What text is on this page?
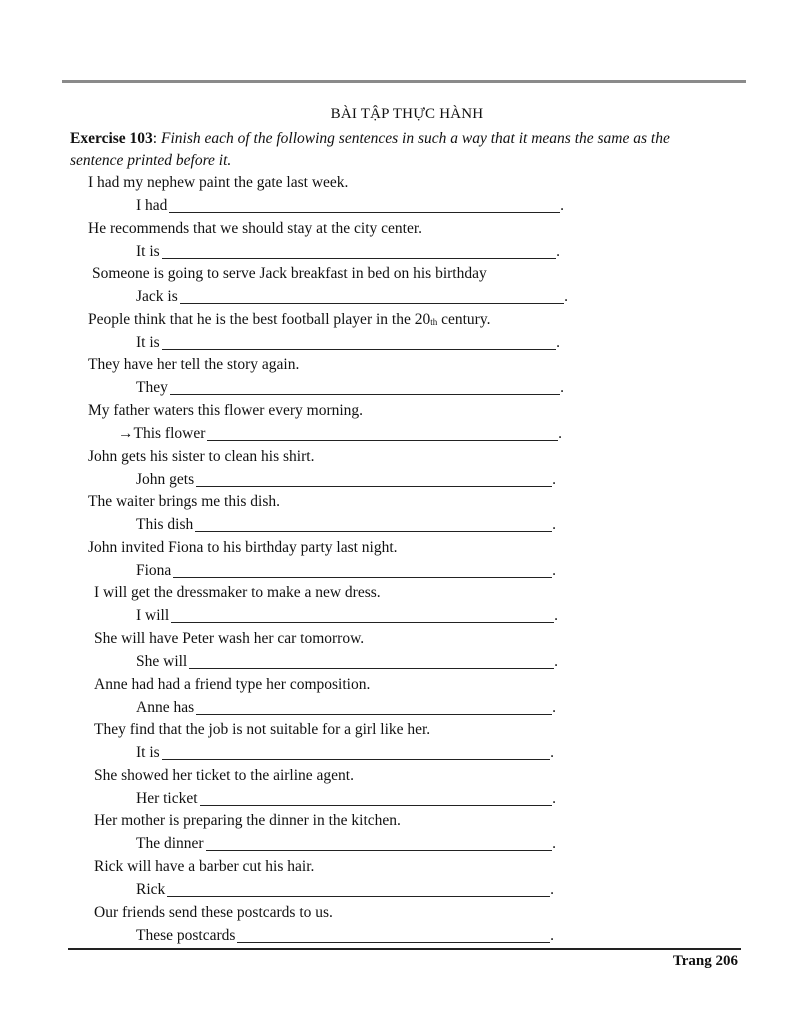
BÀI TẬP THỰC HÀNH
Exercise 103: Finish each of the following sentences in such a way that it means the same as the sentence printed before it.
I had my nephew paint the gate last week.
I had	.
He recommends that we should stay at the city center.
It is	.
Someone is going to serve Jack breakfast in bed on his birthday
Jack is	.
People think that he is the best football player in the 20th century.
It is	.
They have her tell the story again.
They	.
My father waters this flower every morning.
→This flower	.
John gets his sister to clean his shirt.
John gets	.
The waiter brings me this dish.
This dish	.
John invited Fiona to his birthday party last night.
Fiona	.
I will get the dressmaker to make a new dress.
I will	.
She will have Peter wash her car tomorrow.
She will	.
Anne had had a friend type her composition.
Anne has	.
They find that the job is not suitable for a girl like her.
It is	.
She showed her ticket to the airline agent.
Her ticket	.
Her mother is preparing the dinner in the kitchen.
The dinner	.
Rick will have a barber cut his hair.
Rick	.
Our friends send these postcards to us.
These postcards	.
Trang 206
